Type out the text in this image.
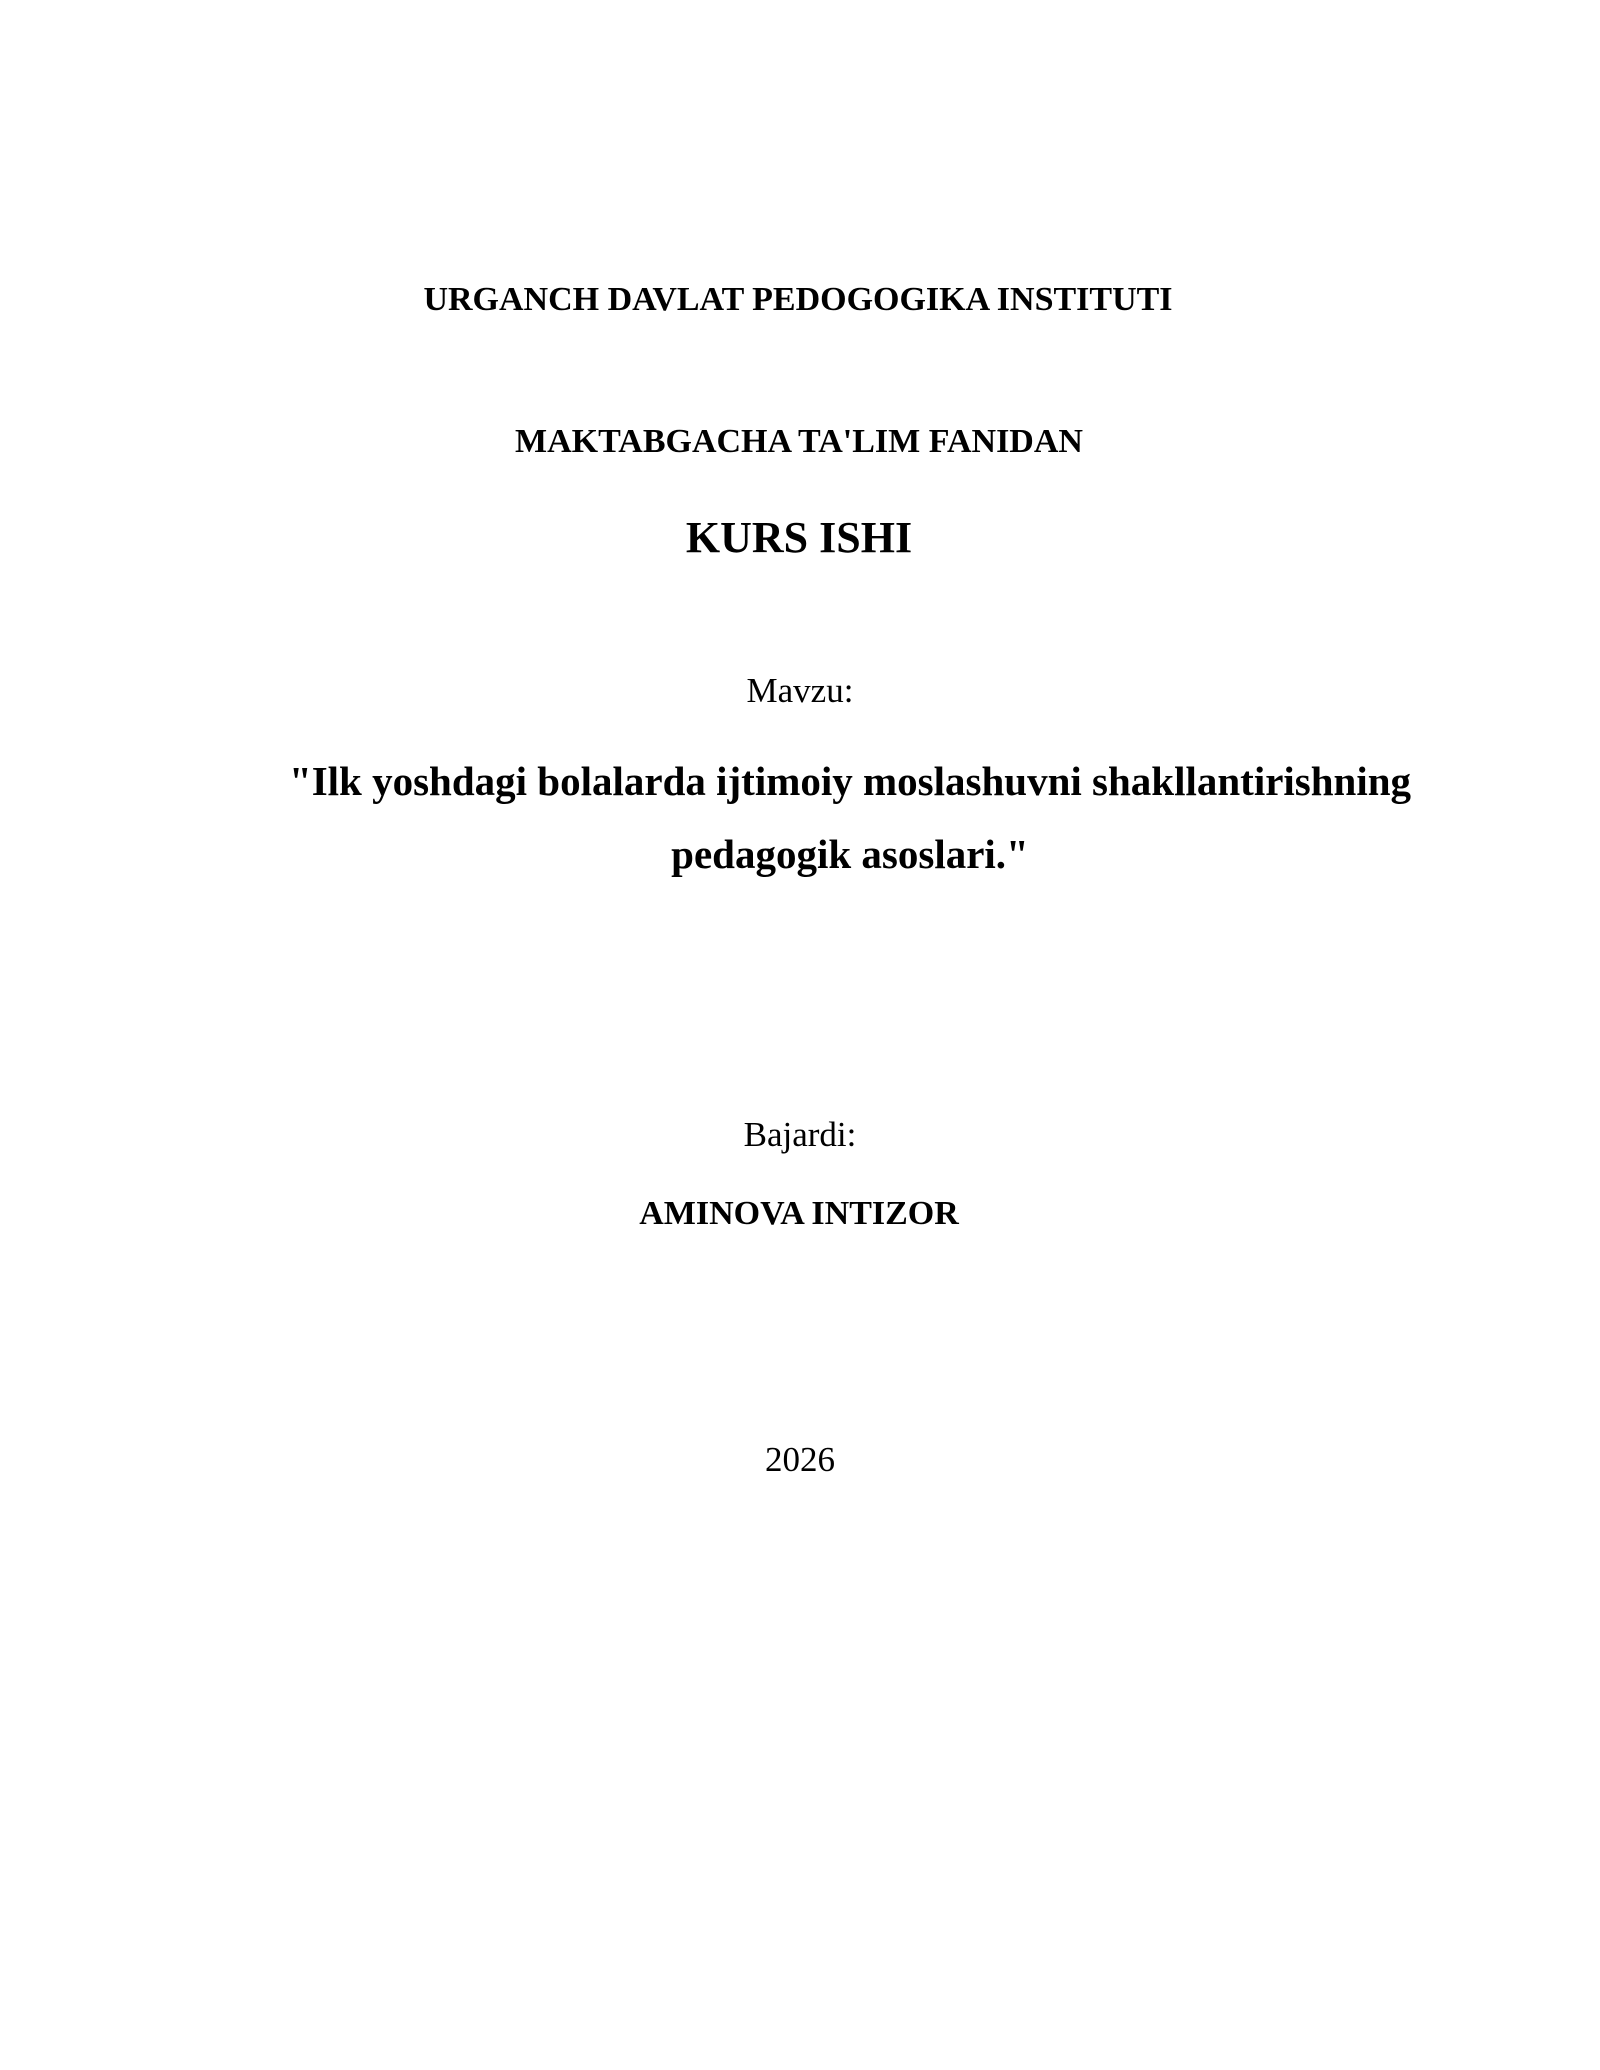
URGANCH DAVLAT PEDOGOGIKA INSTITUTI
MAKTABGACHA TA'LIM FANIDAN
KURS ISHI
Mavzu:
"Ilk yoshdagi bolalarda ijtimoiy moslashuvni shakllantirishning
pedagogik asoslari."
Bajardi:
AMINOVA INTIZOR
2026
